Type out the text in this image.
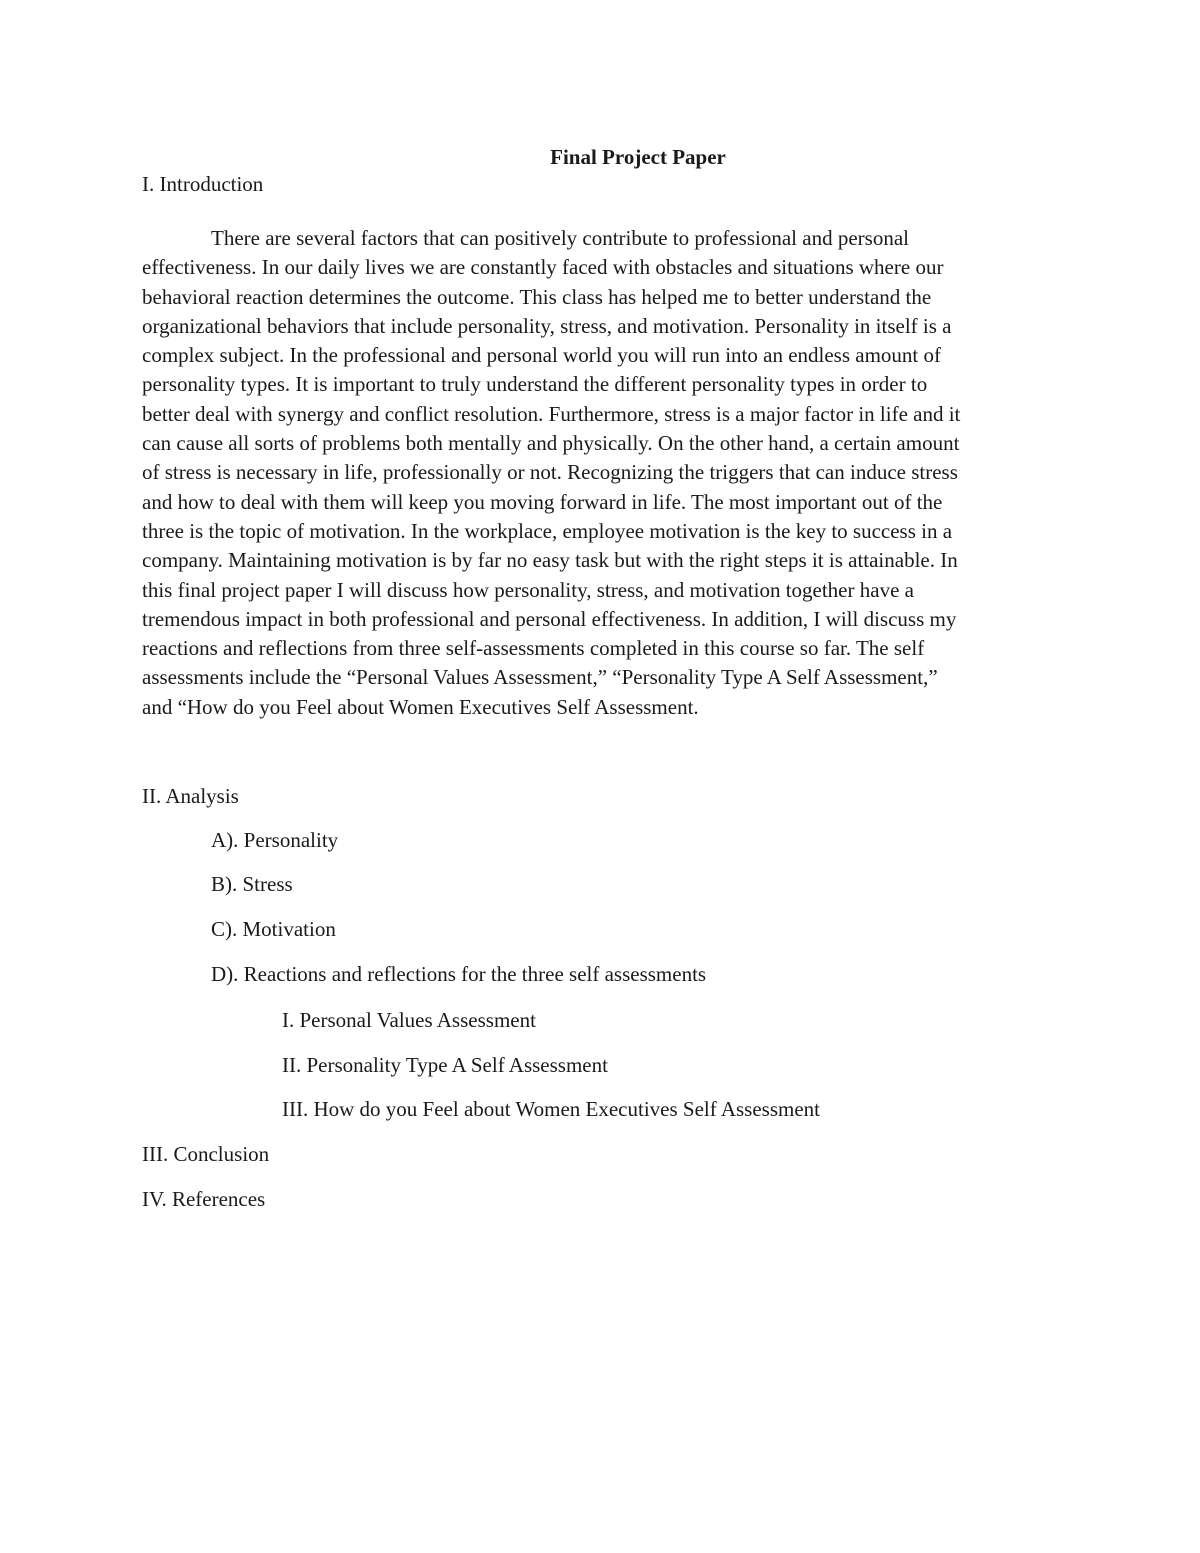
Final Project Paper
I. Introduction
There are several factors that can positively contribute to professional and personal
effectiveness. In our daily lives we are constantly faced with obstacles and situations where our
behavioral reaction determines the outcome. This class has helped me to better understand the
organizational behaviors that include personality, stress, and motivation. Personality in itself is a
complex subject. In the professional and personal world you will run into an endless amount of
personality types. It is important to truly understand the different personality types in order to
better deal with synergy and conflict resolution. Furthermore, stress is a major factor in life and it
can cause all sorts of problems both mentally and physically. On the other hand, a certain amount
of stress is necessary in life, professionally or not. Recognizing the triggers that can induce stress
and how to deal with them will keep you moving forward in life. The most important out of the
three is the topic of motivation. In the workplace, employee motivation is the key to success in a
company. Maintaining motivation is by far no easy task but with the right steps it is attainable. In
this final project paper I will discuss how personality, stress, and motivation together have a
tremendous impact in both professional and personal effectiveness. In addition, I will discuss my
reactions and reflections from three self-assessments completed in this course so far. The self
assessments include the “Personal Values Assessment,” “Personality Type A Self Assessment,”
and “How do you Feel about Women Executives Self Assessment.
II. Analysis
A). Personality
B). Stress
C). Motivation
D). Reactions and reflections for the three self assessments
I. Personal Values Assessment
II. Personality Type A Self Assessment
III. How do you Feel about Women Executives Self Assessment
III. Conclusion
IV. References
